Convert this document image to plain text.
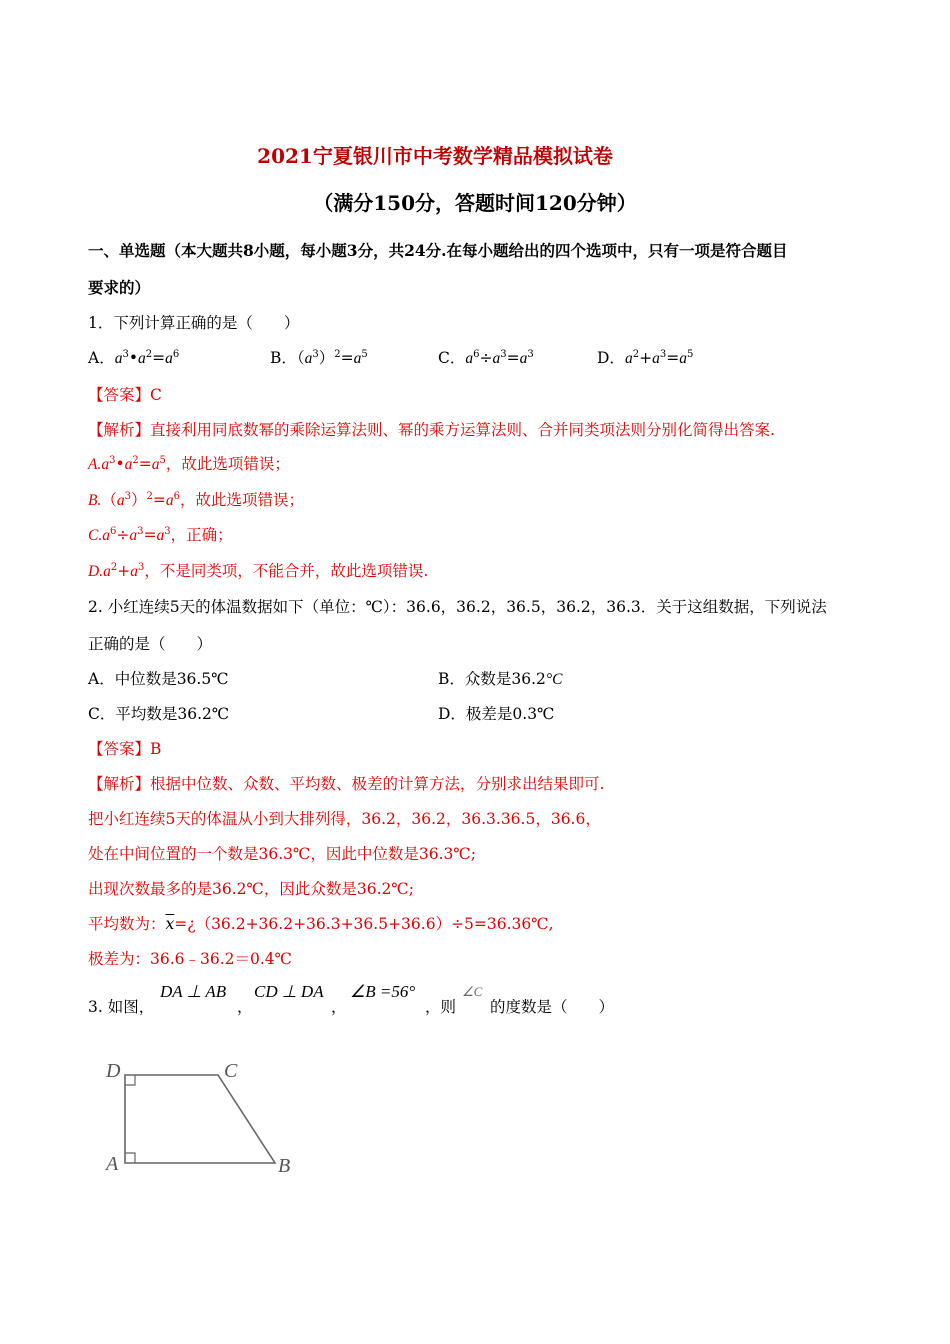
2021宁夏银川市中考数学精品模拟试卷
（满分150分，答题时间120分钟）
一、单选题（本大题共8小题，每小题3分，共24分.在每小题给出的四个选项中，只有一项是符合题目
要求的）
1．下列计算正确的是（　　）
A．$a^3•a^2=a^6$	B．$(a^3)^2=a^5$	C．$a^6\div a^3=a^3$	D．$a^2+a^3=a^5$
【答案】C
【解析】直接利用同底数幂的乘除运算法则、幂的乘方运算法则、合并同类项法则分别化简得出答案.
$A.a^3•a^2=a^5$，故此选项错误；
$B.(a^3)^2=a^6$，故此选项错误；
$C.a^6\div a^3=a^3$，正确；
$D.a^2+a^3$，不是同类项，不能合并，故此选项错误.
2. 小红连续5天的体温数据如下（单位：℃）：36.6，36.2，36.5，36.2，36.3．关于这组数据，下列说法
正确的是（　　）
A．中位数是36.5℃	B．众数是36.2°C
C．平均数是36.2℃	D．极差是0.3℃
【答案】B
【解析】根据中位数、众数、平均数、极差的计算方法，分别求出结果即可.
把小红连续5天的体温从小到大排列得，36.2，36.2，36.3.36.5，36.6，
处在中间位置的一个数是36.3℃，因此中位数是36.3℃;
出现次数最多的是36.2℃，因此众数是36.2℃;
平均数为：$\overline{x}=¿(36.2+36.2+36.3+36.5+36.6)\div 5=36.36℃$,
极差为：36.6﹣36.2＝0.4℃
3. 如图，
DA ⊥ AB
，
CD ⊥ DA
，
∠B =56°
，则
∠C
的度数是（　　）
D	C
A	B
